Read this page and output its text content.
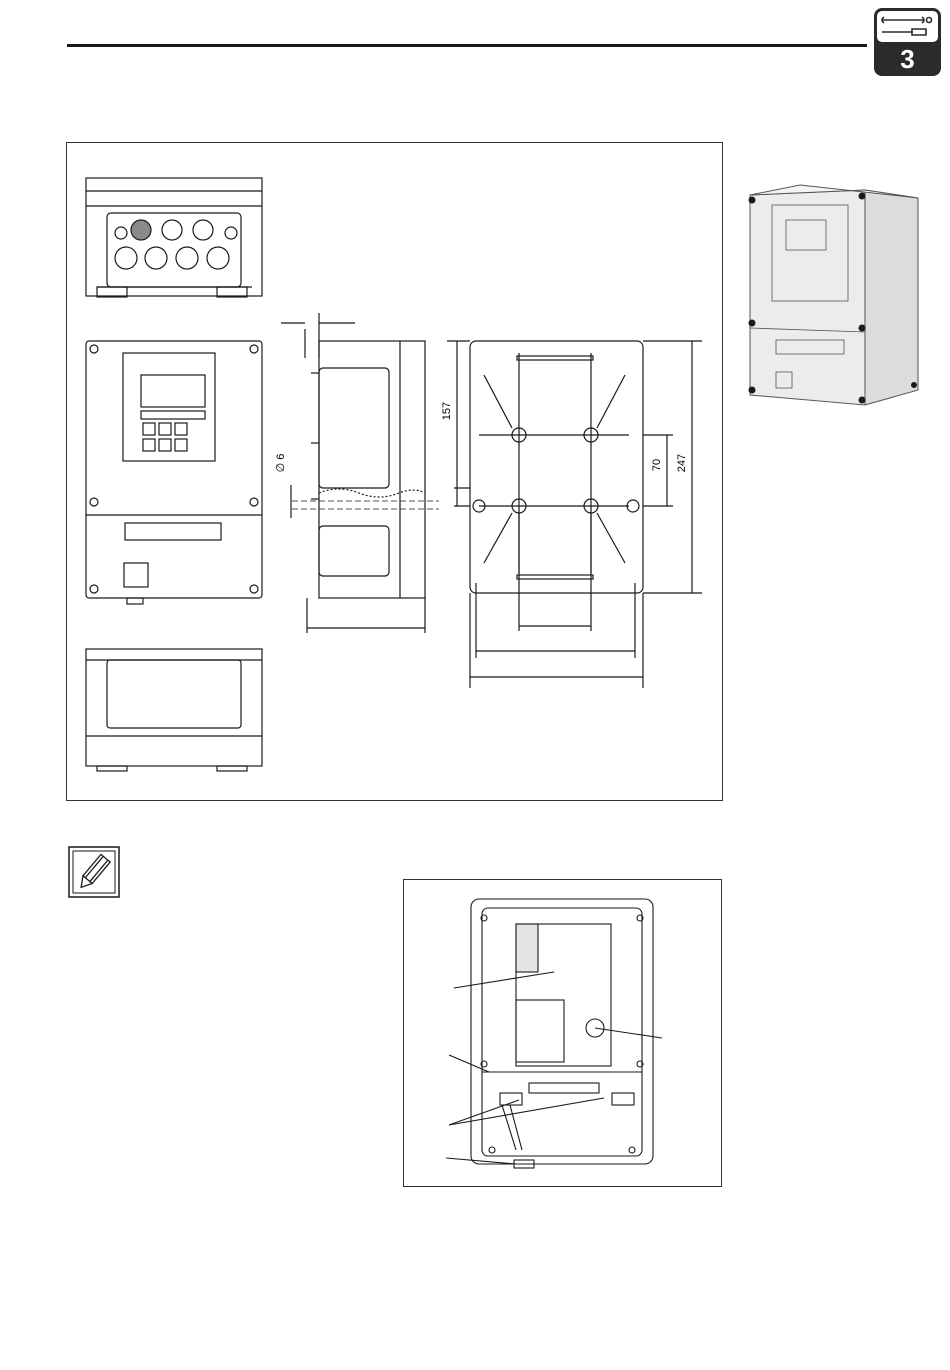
3
157
70 247
∅ 6
